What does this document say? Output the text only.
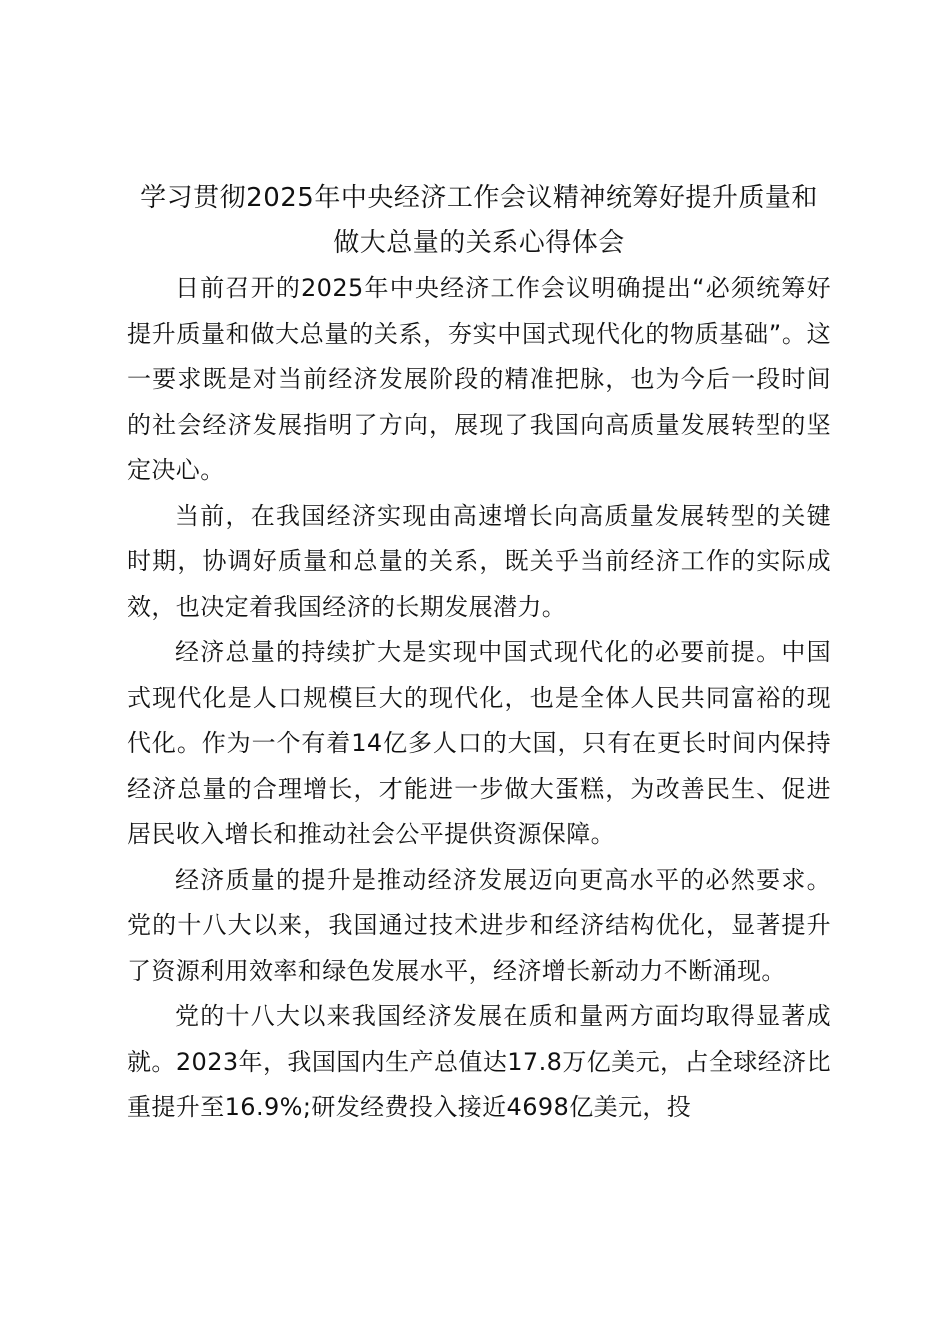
学习贯彻2025年中央经济工作会议精神统筹好提升质量和做大总量的关系心得体会

日前召开的2025年中央经济工作会议明确提出“必须统筹好提升质量和做大总量的关系，夯实中国式现代化的物质基础”。这一要求既是对当前经济发展阶段的精准把脉，也为今后一段时间的社会经济发展指明了方向，展现了我国向高质量发展转型的坚定决心。

当前，在我国经济实现由高速增长向高质量发展转型的关键时期，协调好质量和总量的关系，既关乎当前经济工作的实际成效，也决定着我国经济的长期发展潜力。

经济总量的持续扩大是实现中国式现代化的必要前提。中国式现代化是人口规模巨大的现代化，也是全体人民共同富裕的现代化。作为一个有着14亿多人口的大国，只有在更长时间内保持经济总量的合理增长，才能进一步做大蛋糕，为改善民生、促进居民收入增长和推动社会公平提供资源保障。

经济质量的提升是推动经济发展迈向更高水平的必然要求。党的十八大以来，我国通过技术进步和经济结构优化，显著提升了资源利用效率和绿色发展水平，经济增长新动力不断涌现。

党的十八大以来我国经济发展在质和量两方面均取得显著成就。2023年，我国国内生产总值达17.8万亿美元，占全球经济比重提升至16.9%;研发经费投入接近4698亿美元，投
